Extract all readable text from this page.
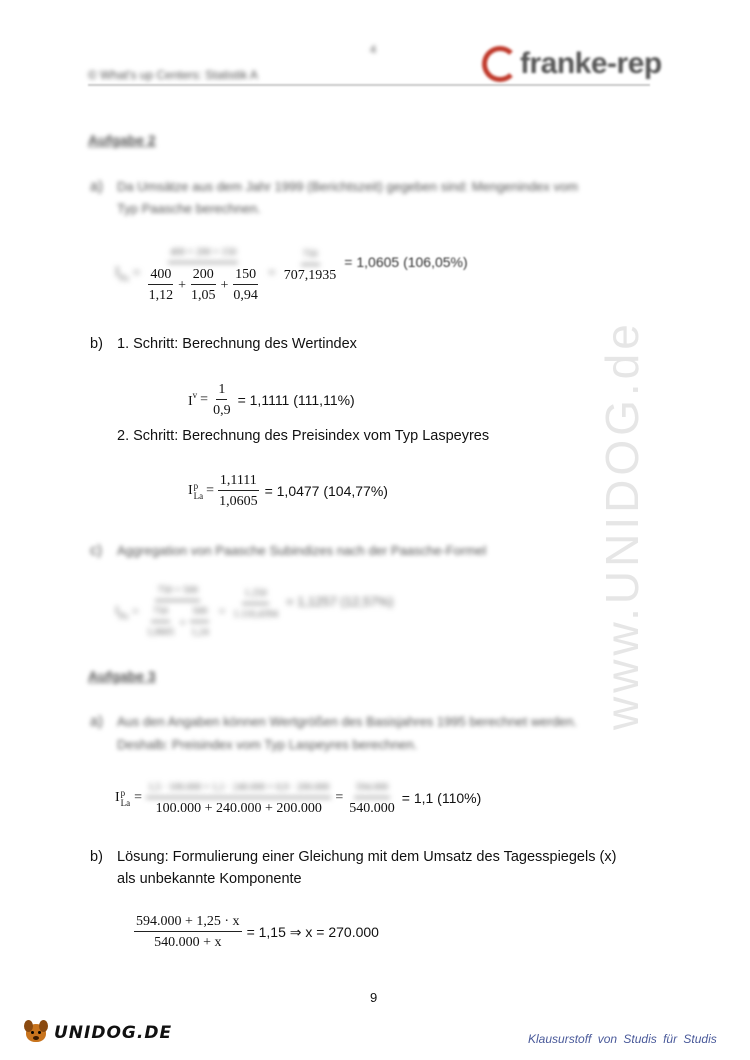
www.UNIDOG.de
4
© What's up Centers: Statistik A	franke-rep
Aufgabe 2
a) Da Umsätze aus dem Jahr 1999 (Berichtszeit) gegeben sind: Mengenindex vom
Typ Paasche berechnen.
$I_{Pa} = \frac{400 + 200 + 150}{\frac{400}{1,12} + \frac{200}{1,05} + \frac{150}{0,94}} = \frac{750}{707,1935} = 1,0605$ (106,05%)
b) 1. Schritt: Berechnung des Wertindex
$I^v = \frac{1}{0,9} = 1,1111$ (111,11%)
2. Schritt: Berechnung des Preisindex vom Typ Laspeyres
I p
$La = \frac{1,1111}{1,0605} = 1,0477$ (104,77%)
c) Aggregation von Paasche Subindizes nach der Paasche-Formel
$I_{Pa} = \frac{750 + 500}{\frac{750}{1,0605} + \frac{500}{1,24}} = \frac{1.250}{1.110,4394} = 1,1257$ (12,57%)
Aufgabe 3
a) Aus den Angaben können Wertgrößen des Basisjahres 1995 berechnet werden.
Deshalb: Preisindex vom Typ Laspeyres berechnen.
I p
$La = \frac{1,5 \cdot 100.000 + 1,1 \cdot 240.000 + 0,9 \cdot 200.000}{100.000 + 240.000 + 200.000} = \frac{594.000}{540.000} = 1,1$ (110%)
b) Lösung: Formulierung einer Gleichung mit dem Umsatz des Tagesspiegels (x)
als unbekannte Komponente
$\frac{594.000 + 1,25 \cdot x}{540.000 + x} = 1,15$ ⇒ x = 270.000
9
UNIDOG.DE	Klausurstoff von Studis für Studis
